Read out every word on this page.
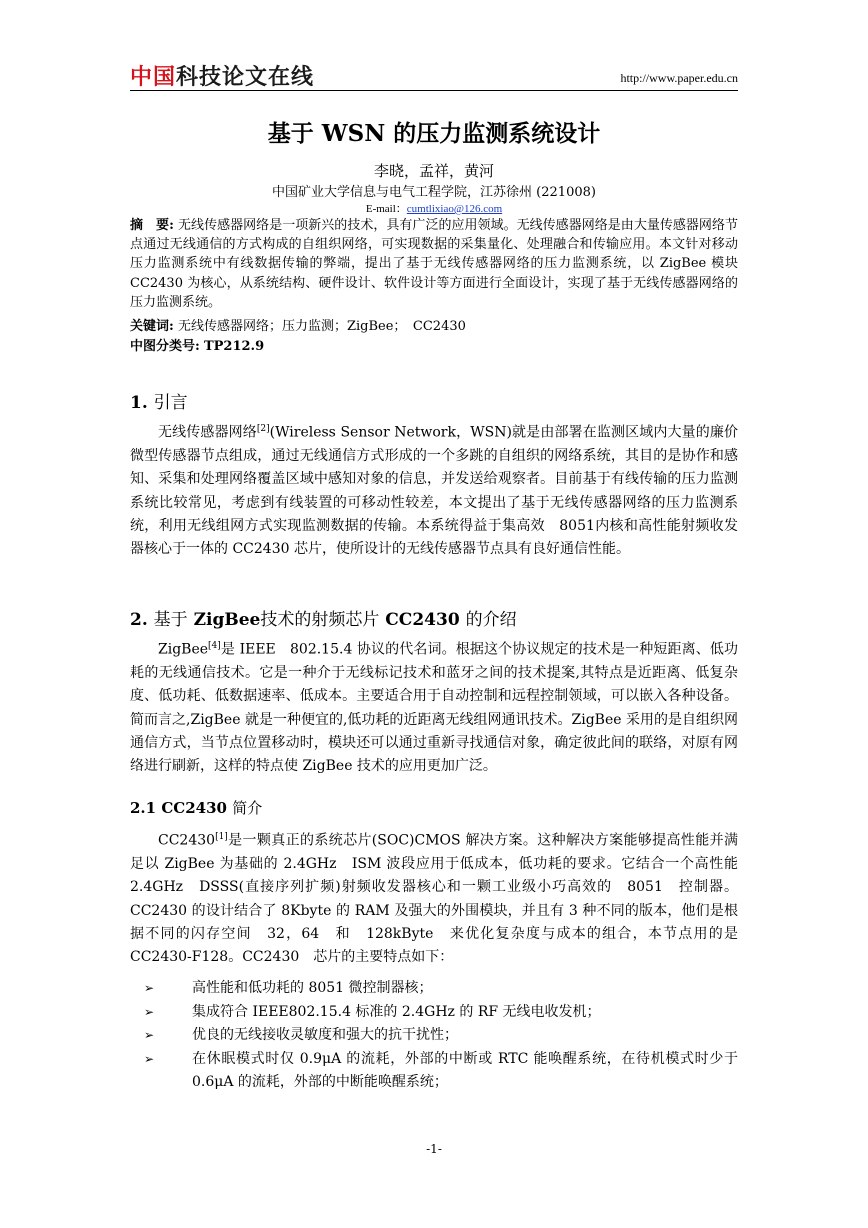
中国科技论文在线	http://www.paper.edu.cn
基于 WSN 的压力监测系统设计
李晓，孟祥，黄河
中国矿业大学信息与电气工程学院，江苏徐州 (221008)
E-mail：cumtlixiao@126.com
摘　要: 无线传感器网络是一项新兴的技术，具有广泛的应用领域。无线传感器网络是由大量传感器网络节点通过无线通信的方式构成的自组织网络，可实现数据的采集量化、处理融合和传输应用。本文针对移动压力监测系统中有线数据传输的弊端，提出了基于无线传感器网络的压力监测系统，以 ZigBee 模块 CC2430 为核心，从系统结构、硬件设计、软件设计等方面进行全面设计，实现了基于无线传感器网络的压力监测系统。
关键词: 无线传感器网络；压力监测；ZigBee；　CC2430
中图分类号: TP212.9
1. 引言
无线传感器网络[2](Wireless Sensor Network，WSN)就是由部署在监测区域内大量的廉价微型传感器节点组成，通过无线通信方式形成的一个多跳的自组织的网络系统，其目的是协作和感知、采集和处理网络覆盖区域中感知对象的信息，并发送给观察者。目前基于有线传输的压力监测系统比较常见，考虑到有线装置的可移动性较差，本文提出了基于无线传感器网络的压力监测系统，利用无线组网方式实现监测数据的传输。本系统得益于集高效　8051内核和高性能射频收发器核心于一体的 CC2430 芯片，使所设计的无线传感器节点具有良好通信性能。
2. 基于 ZigBee技术的射频芯片 CC2430 的介绍
ZigBee[4]是 IEEE　802.15.4 协议的代名词。根据这个协议规定的技术是一种短距离、低功耗的无线通信技术。它是一种介于无线标记技术和蓝牙之间的技术提案,其特点是近距离、低复杂度、低功耗、低数据速率、低成本。主要适合用于自动控制和远程控制领域，可以嵌入各种设备。简而言之,ZigBee 就是一种便宜的,低功耗的近距离无线组网通讯技术。ZigBee 采用的是自组织网通信方式，当节点位置移动时，模块还可以通过重新寻找通信对象，确定彼此间的联络，对原有网络进行刷新，这样的特点使 ZigBee 技术的应用更加广泛。
2.1 CC2430 简介
CC2430[1]是一颗真正的系统芯片(SOC)CMOS 解决方案。这种解决方案能够提高性能并满足以 ZigBee 为基础的 2.4GHz　ISM 波段应用于低成本，低功耗的要求。它结合一个高性能　2.4GHz　DSSS(直接序列扩频)射频收发器核心和一颗工业级小巧高效的　8051　控制器。CC2430 的设计结合了 8Kbyte 的 RAM 及强大的外围模块，并且有 3 种不同的版本，他们是根据不同的闪存空间　32，64　和　128kByte　来优化复杂度与成本的组合，本节点用的是CC2430-F128。CC2430　芯片的主要特点如下：
➢	高性能和低功耗的 8051 微控制器核；
➢	集成符合 IEEE802.15.4 标准的 2.4GHz 的 RF 无线电收发机；
➢	优良的无线接收灵敏度和强大的抗干扰性；
➢	在休眠模式时仅 0.9μA 的流耗，外部的中断或 RTC 能唤醒系统，在待机模式时少于 0.6μA 的流耗，外部的中断能唤醒系统；
-1-
